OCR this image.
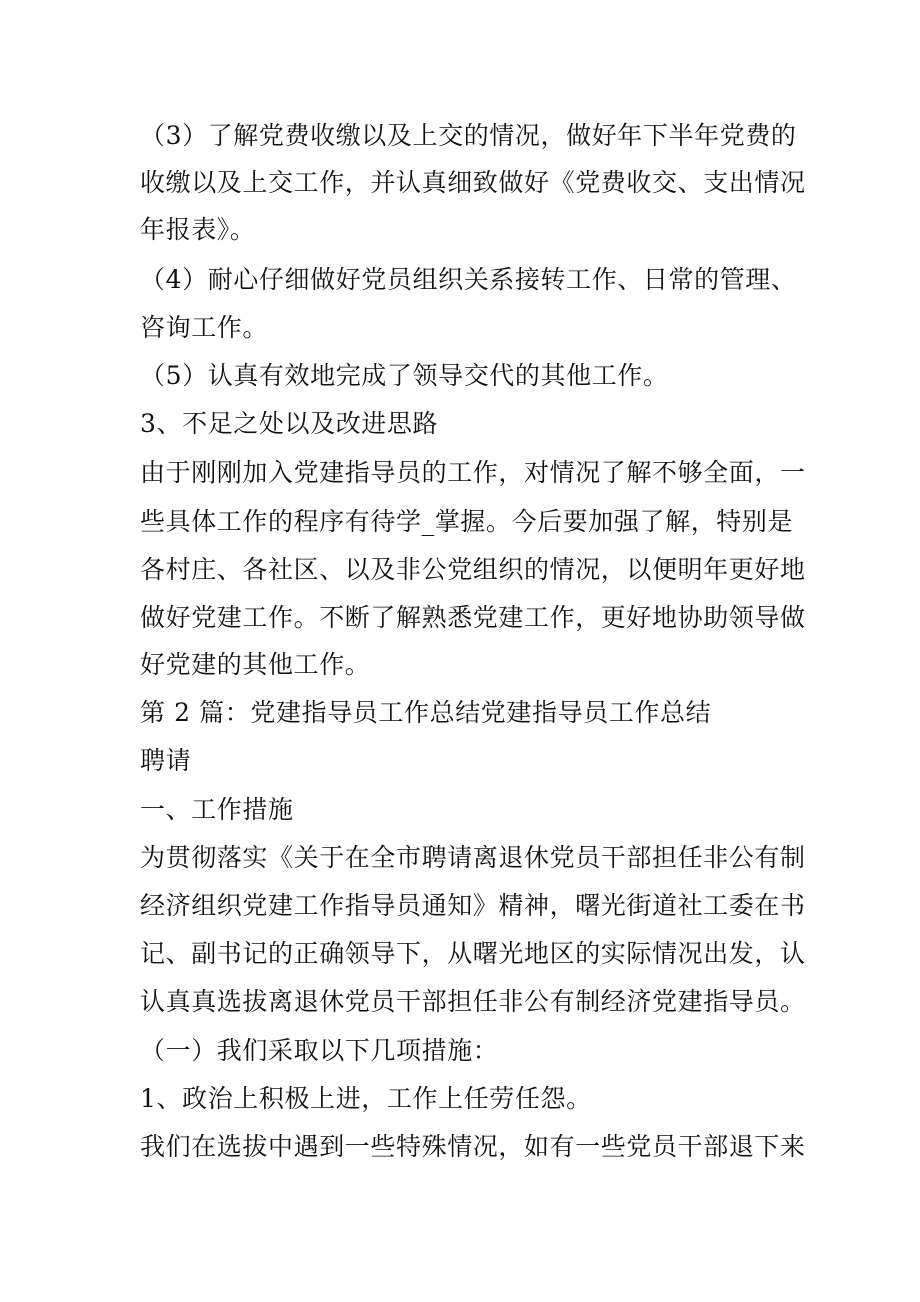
（3）了解党费收缴以及上交的情况，做好年下半年党费的
收缴以及上交工作，并认真细致做好《党费收交、支出情况
年报表》。
（4）耐心仔细做好党员组织关系接转工作、日常的管理、
咨询工作。
（5）认真有效地完成了领导交代的其他工作。
3、不足之处以及改进思路
由于刚刚加入党建指导员的工作，对情况了解不够全面，一
些具体工作的程序有待学_掌握。今后要加强了解，特别是
各村庄、各社区、以及非公党组织的情况，以便明年更好地
做好党建工作。不断了解熟悉党建工作，更好地协助领导做
好党建的其他工作。
第 2 篇：党建指导员工作总结党建指导员工作总结
聘请
一、工作措施
为贯彻落实《关于在全市聘请离退休党员干部担任非公有制
经济组织党建工作指导员通知》精神，曙光街道社工委在书
记、副书记的正确领导下，从曙光地区的实际情况出发，认
认真真选拔离退休党员干部担任非公有制经济党建指导员。
（一）我们采取以下几项措施：
1、政治上积极上进，工作上任劳任怨。
我们在选拔中遇到一些特殊情况，如有一些党员干部退下来
